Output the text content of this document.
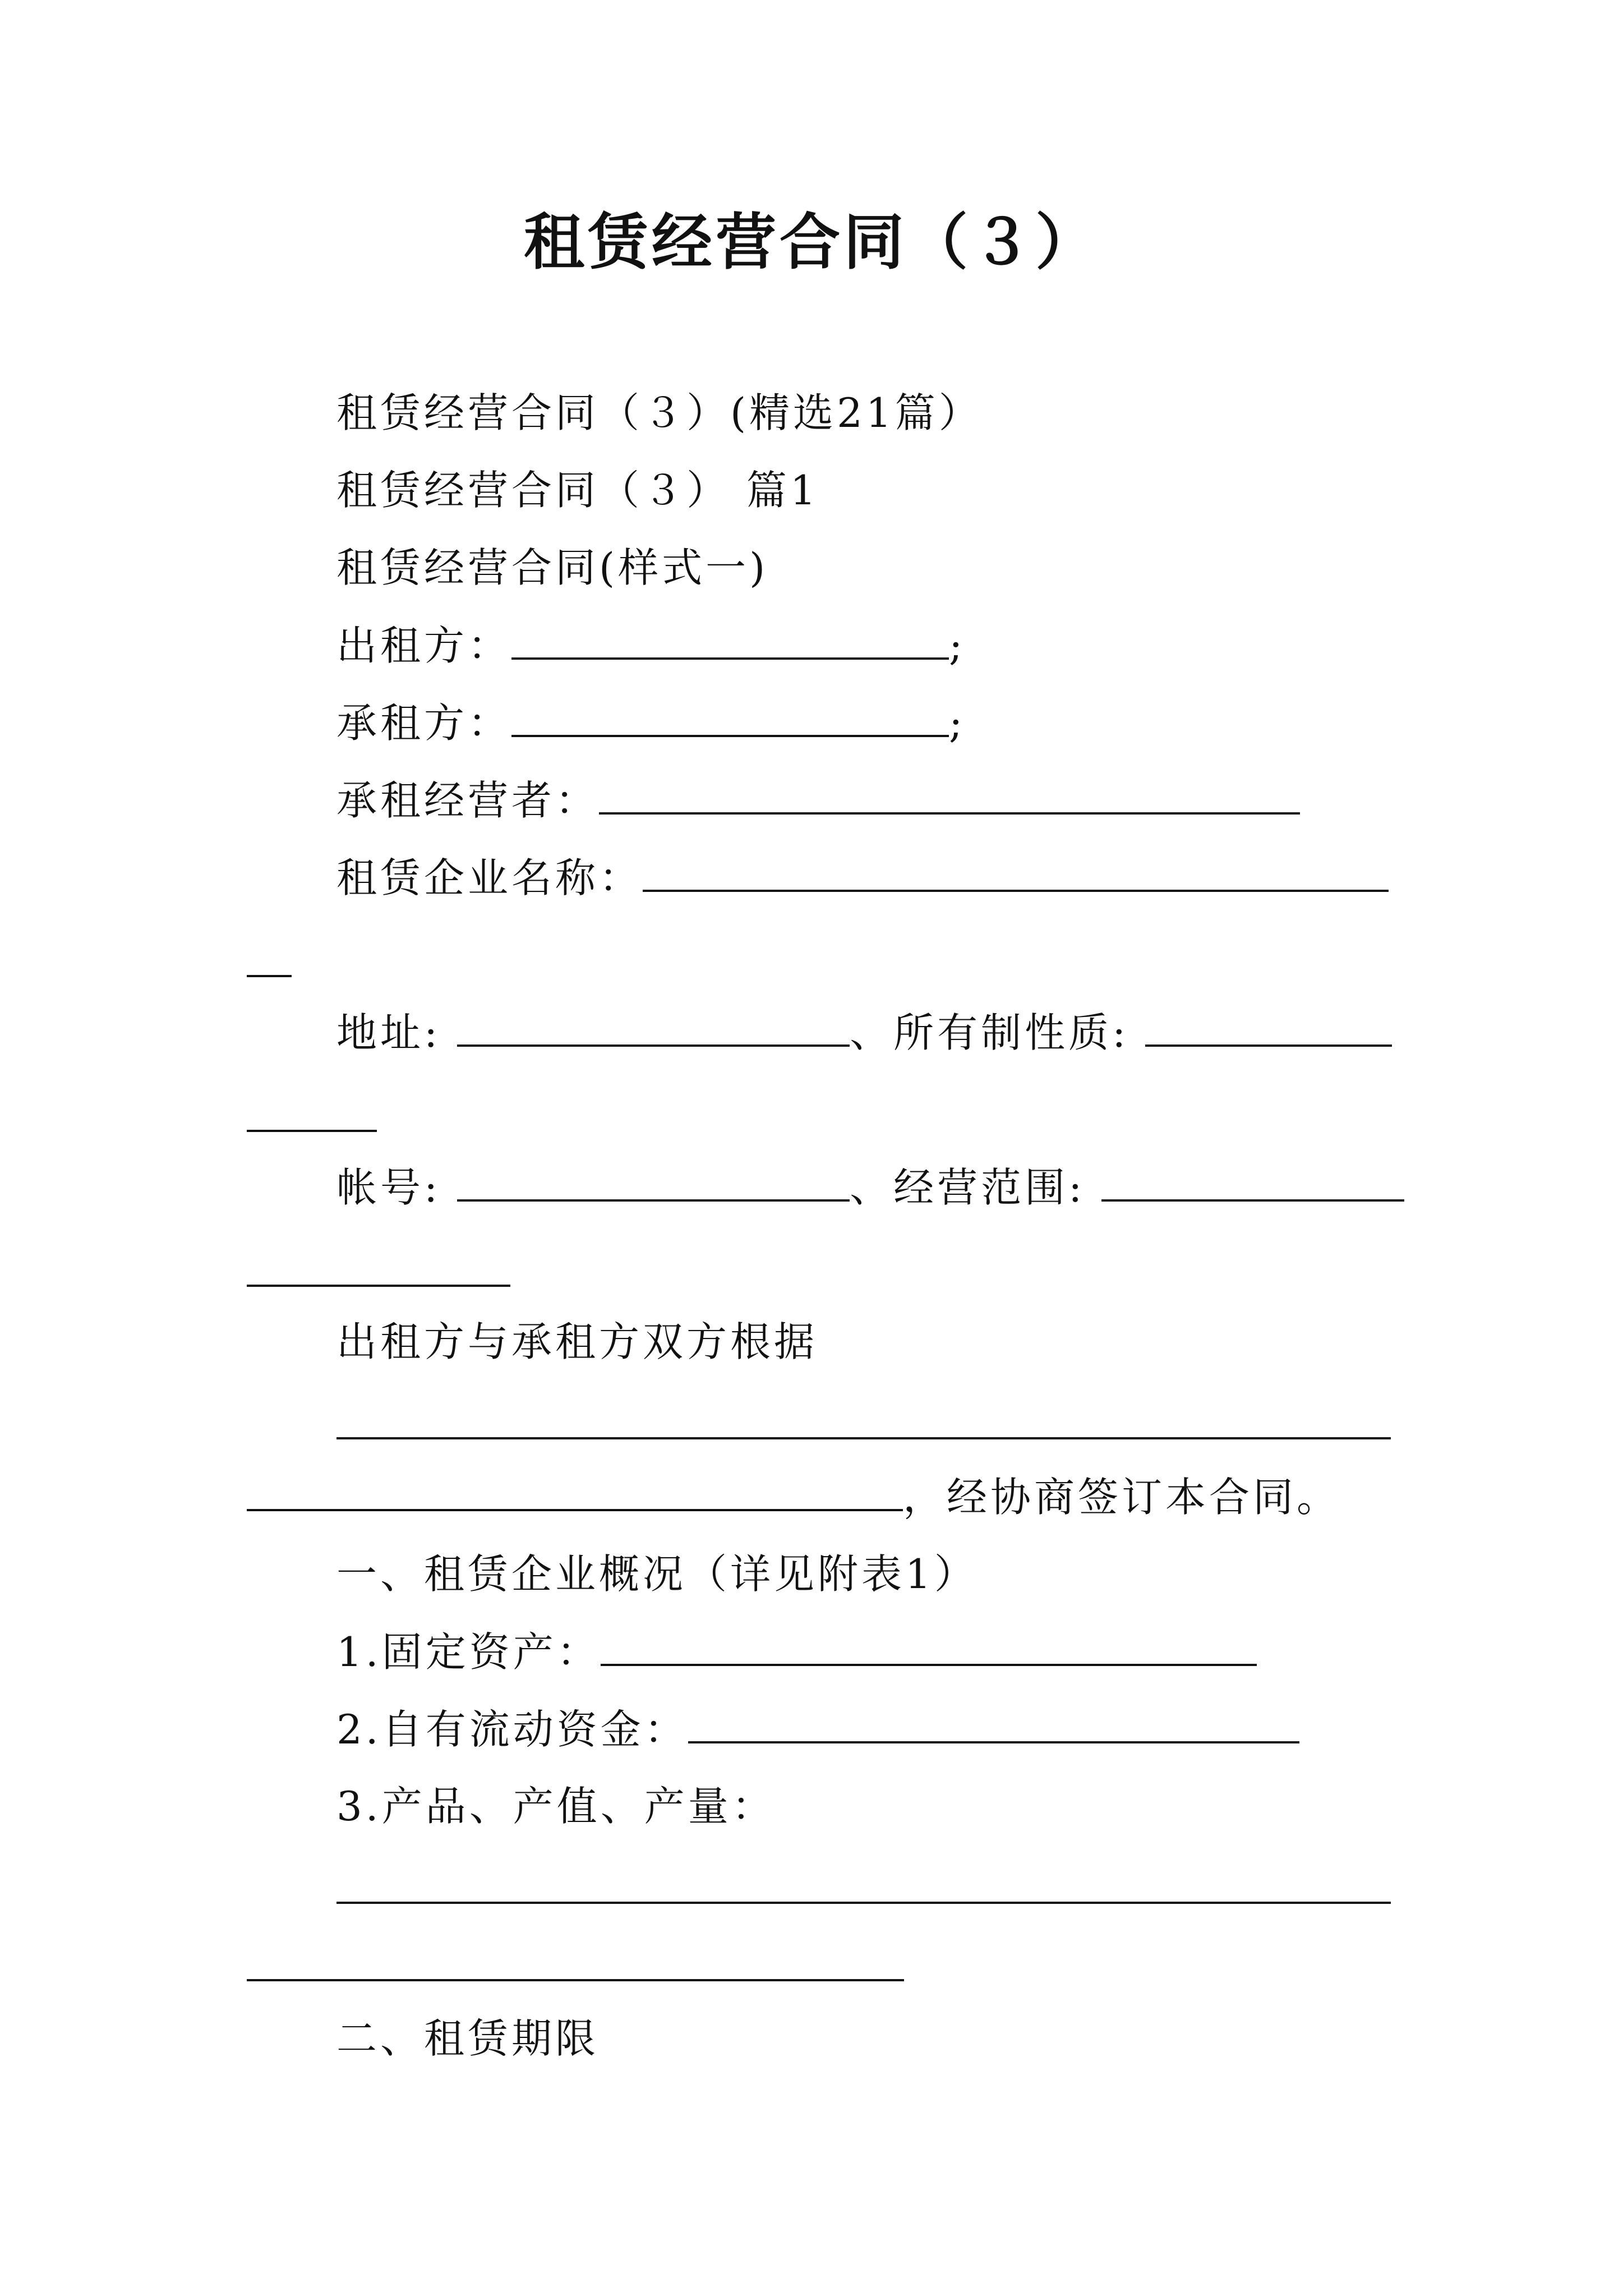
租赁经营合同（３）
租赁经营合同（３）(精选21篇）
租赁经营合同（３） 篇1
租赁经营合同(样式一)
出租方：	;
承租方：	;
承租经营者：
租赁企业名称：
地址:	、所有制性质:
帐号:	、经营范围:
出租方与承租方双方根据
，经协商签订本合同。
一、租赁企业概况（详见附表1）
1.固定资产：
2.自有流动资金：
3.产品、产值、产量：
二、租赁期限
